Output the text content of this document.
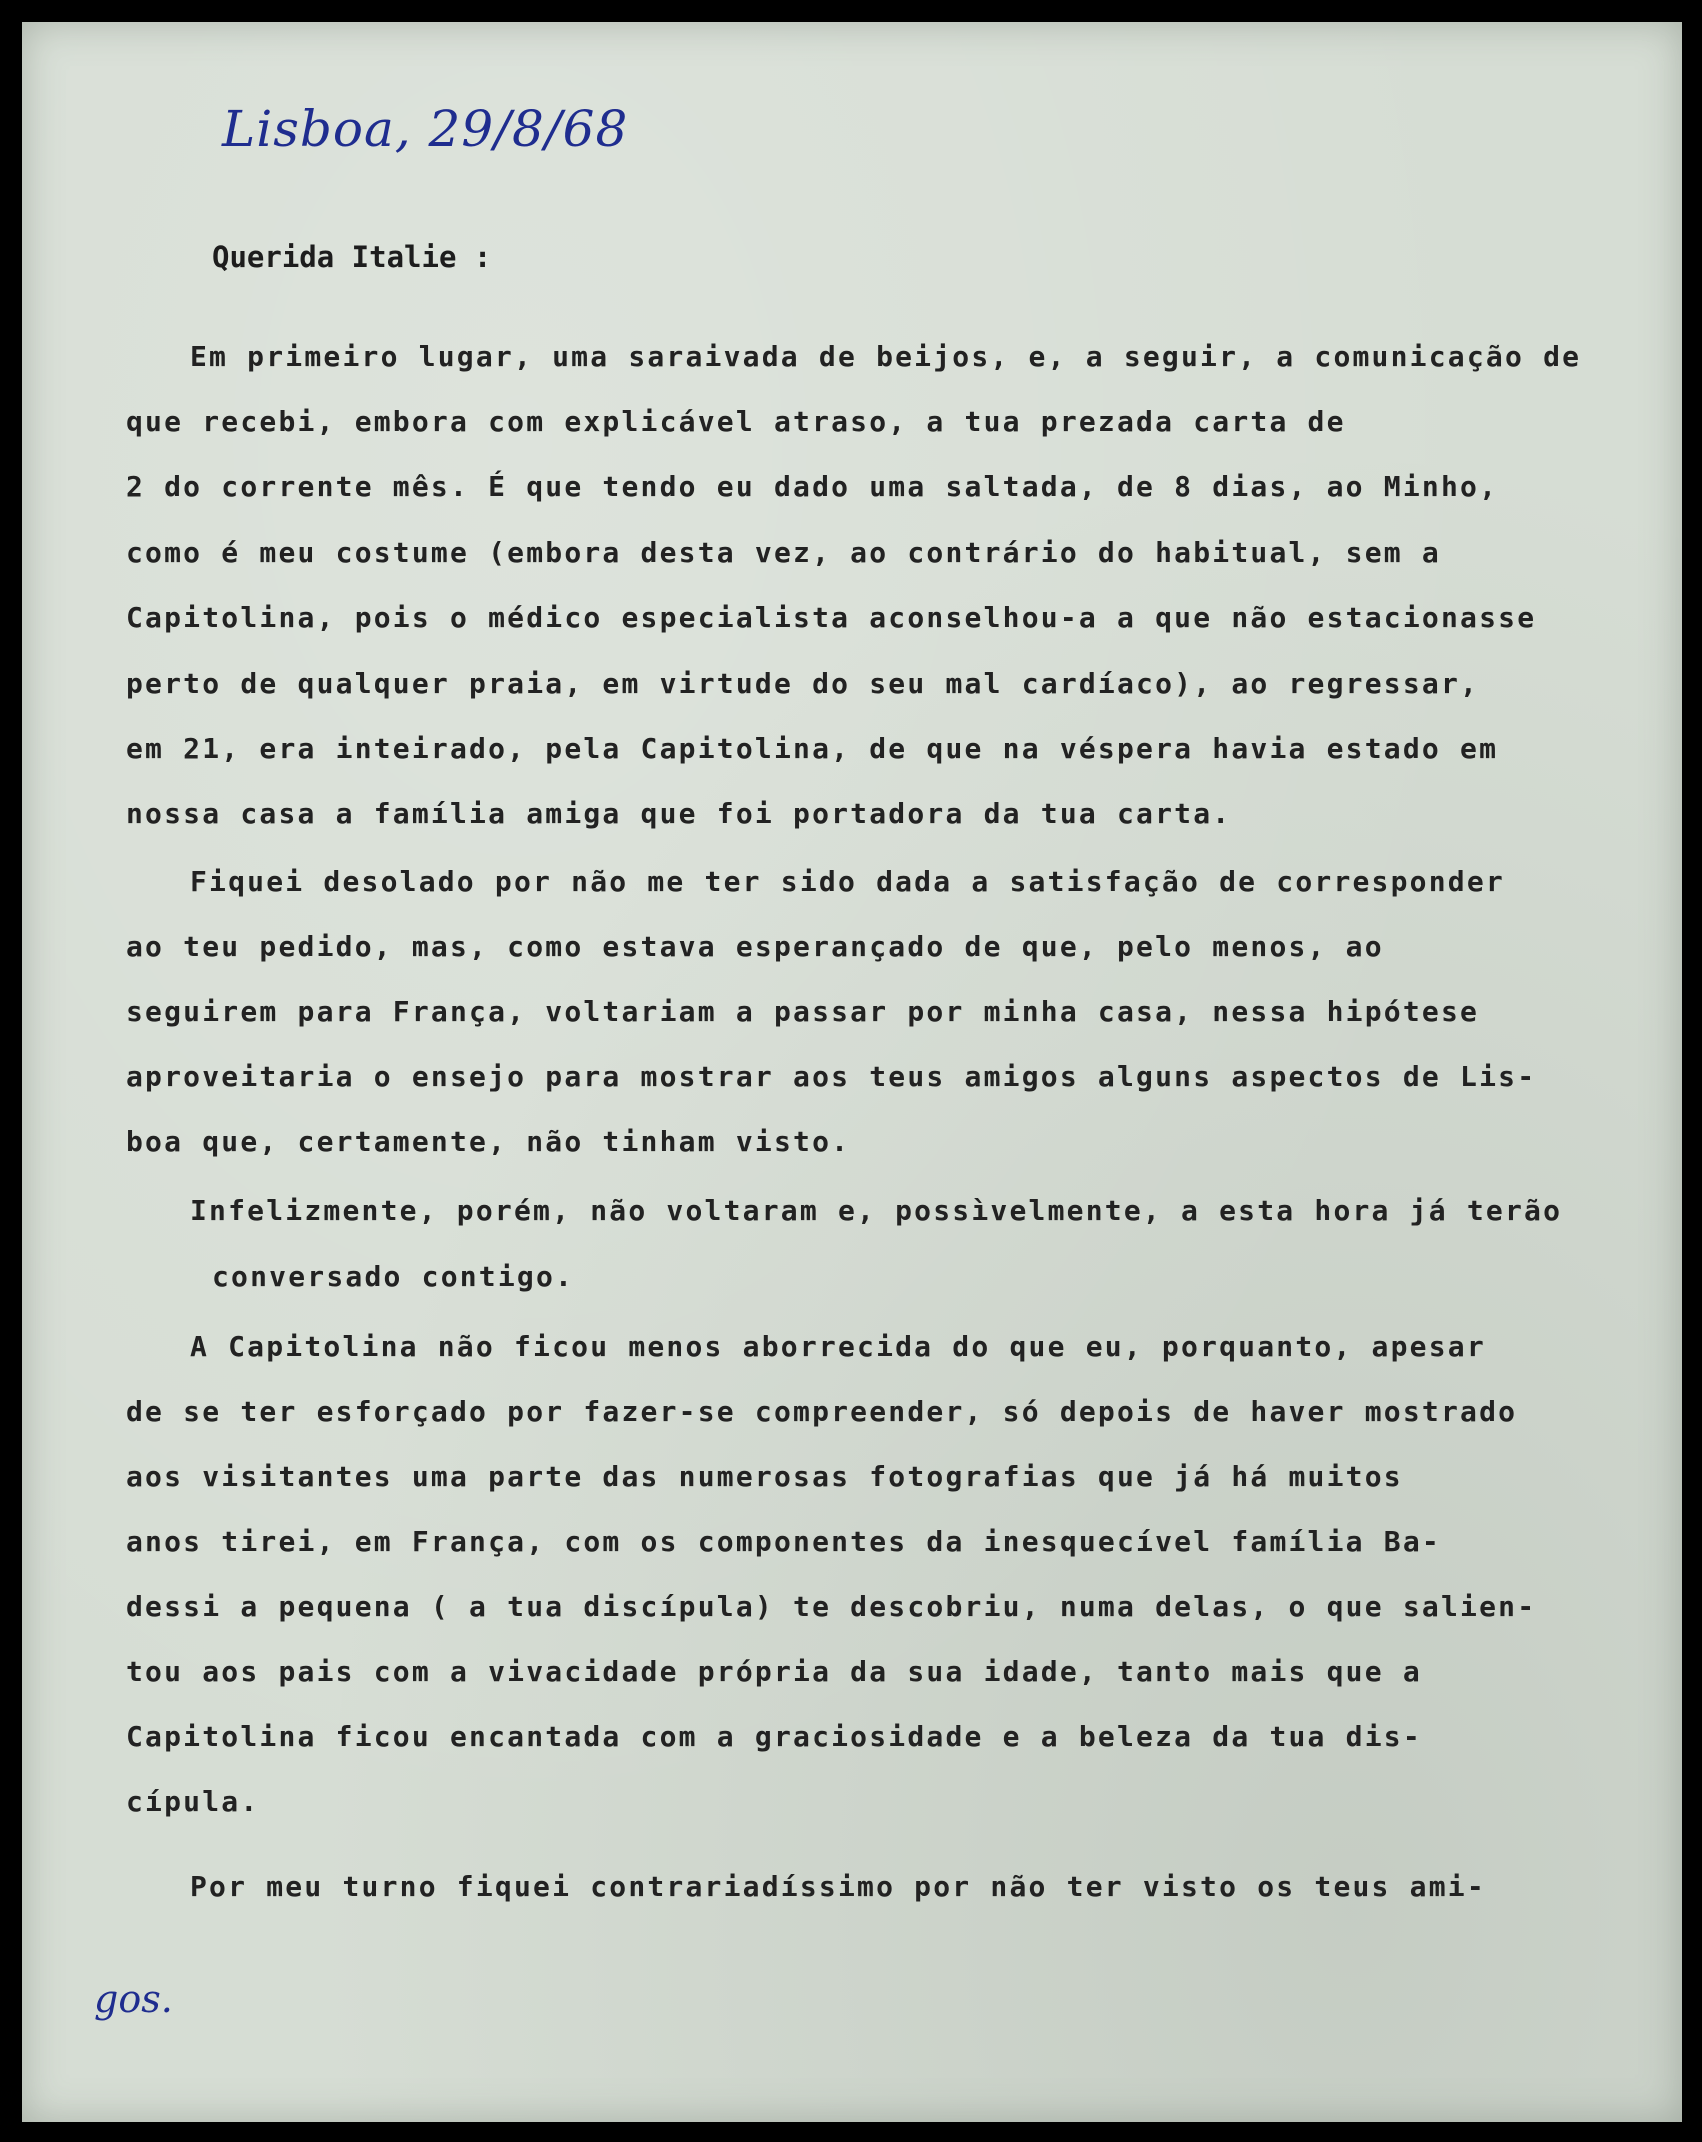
Lisboa, 29/8/68
Querida Italie :
Em primeiro lugar, uma saraivada de beijos, e, a seguir, a comunicação de
que recebi, embora com explicável atraso, a tua prezada carta de
2 do corrente mês. É que tendo eu dado uma saltada, de 8 dias, ao Minho,
como é meu costume (embora desta vez, ao contrário do habitual, sem a
Capitolina, pois o médico especialista aconselhou-a a que não estacionasse
perto de qualquer praia, em virtude do seu mal cardíaco), ao regressar,
em 21, era inteirado, pela Capitolina, de que na véspera havia estado em
nossa casa a família amiga que foi portadora da tua carta.
Fiquei desolado por não me ter sido dada a satisfação de corresponder
ao teu pedido, mas, como estava esperançado de que, pelo menos, ao
seguirem para França, voltariam a passar por minha casa, nessa hipótese
aproveitaria o ensejo para mostrar aos teus amigos alguns aspectos de Lis-
boa que, certamente, não tinham visto.
Infelizmente, porém, não voltaram e, possìvelmente, a esta hora já terão
conversado contigo.
A Capitolina não ficou menos aborrecida do que eu, porquanto, apesar
de se ter esforçado por fazer-se compreender, só depois de haver mostrado
aos visitantes uma parte das numerosas fotografias que já há muitos
anos tirei, em França, com os componentes da inesquecível família Ba-
dessi a pequena ( a tua discípula) te descobriu, numa delas, o que salien-
tou aos pais com a vivacidade própria da sua idade, tanto mais que a
Capitolina ficou encantada com a graciosidade e a beleza da tua dis-
cípula.
Por meu turno fiquei contrariadíssimo por não ter visto os teus ami-
gos.
